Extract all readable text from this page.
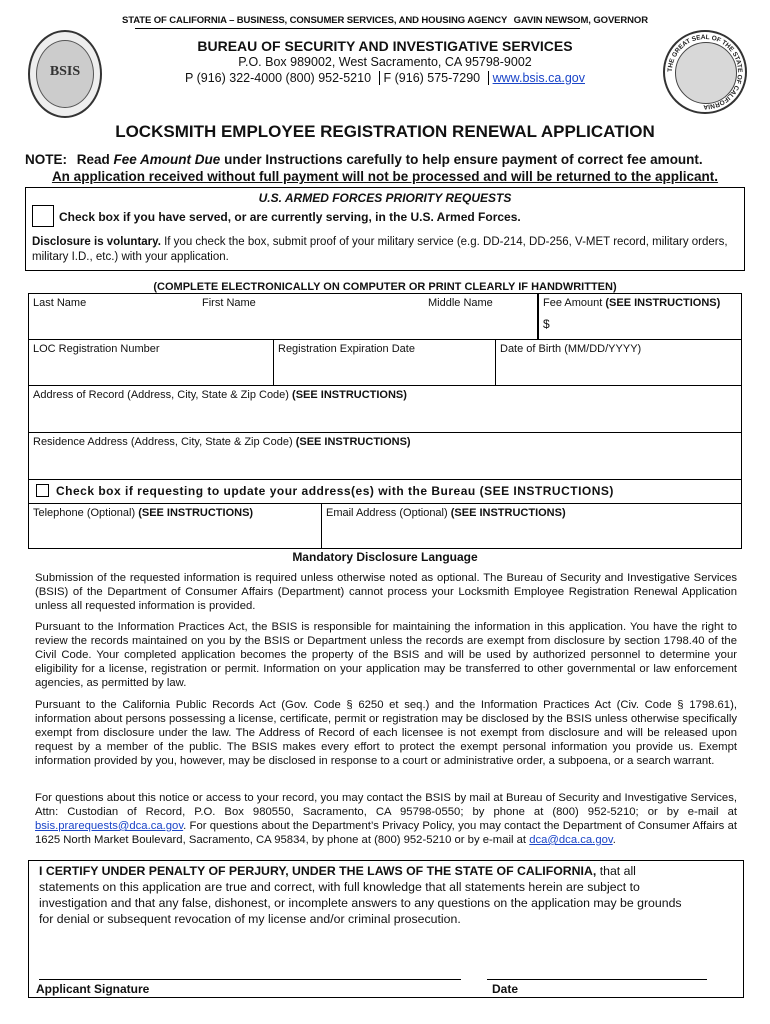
STATE OF CALIFORNIA – BUSINESS, CONSUMER SERVICES, AND HOUSING AGENCY GAVIN NEWSOM, GOVERNOR
BSIS
BUREAU OF SECURITY AND INVESTIGATIVE SERVICES
P.O. Box 989002, West Sacramento, CA 95798-9002
P (916) 322-4000 (800) 952-5210 F (916) 575-7290 www.bsis.ca.gov
THE GREAT SEAL OF THE STATE OF CALIFORNIA
LOCKSMITH EMPLOYEE REGISTRATION RENEWAL APPLICATION
NOTE: Read Fee Amount Due under Instructions carefully to help ensure payment of correct fee amount.
An application received without full payment will not be processed and will be returned to the applicant.
U.S. ARMED FORCES PRIORITY REQUESTS
Check box if you have served, or are currently serving, in the U.S. Armed Forces.
Disclosure is voluntary. If you check the box, submit proof of your military service (e.g. DD-214, DD-256, V-MET record, military orders, military I.D., etc.) with your application.
(COMPLETE ELECTRONICALLY ON COMPUTER OR PRINT CLEARLY IF HANDWRITTEN)
Last Name	First Name	Middle Name	Fee Amount (SEE INSTRUCTIONS)
$
LOC Registration Number	Registration Expiration Date	Date of Birth (MM/DD/YYYY)
Address of Record (Address, City, State & Zip Code) (SEE INSTRUCTIONS)
Residence Address (Address, City, State & Zip Code) (SEE INSTRUCTIONS)
Check box if requesting to update your address(es) with the Bureau (SEE INSTRUCTIONS)
Telephone (Optional) (SEE INSTRUCTIONS)	Email Address (Optional) (SEE INSTRUCTIONS)
Mandatory Disclosure Language
Submission of the requested information is required unless otherwise noted as optional. The Bureau of Security and Investigative Services (BSIS) of the Department of Consumer Affairs (Department) cannot process your Locksmith Employee Registration Renewal Application unless all requested information is provided.
Pursuant to the Information Practices Act, the BSIS is responsible for maintaining the information in this application. You have the right to review the records maintained on you by the BSIS or Department unless the records are exempt from disclosure by section 1798.40 of the Civil Code. Your completed application becomes the property of the BSIS and will be used by authorized personnel to determine your eligibility for a license, registration or permit. Information on your application may be transferred to other governmental or law enforcement agencies, as permitted by law.
Pursuant to the California Public Records Act (Gov. Code § 6250 et seq.) and the Information Practices Act (Civ. Code § 1798.61), information about persons possessing a license, certificate, permit or registration may be disclosed by the BSIS unless otherwise specifically exempt from disclosure under the law. The Address of Record of each licensee is not exempt from disclosure and will be released upon request by a member of the public. The BSIS makes every effort to protect the exempt personal information you provide us. Exempt information provided by you, however, may be disclosed in response to a court or administrative order, a subpoena, or a search warrant.
For questions about this notice or access to your record, you may contact the BSIS by mail at Bureau of Security and Investigative Services, Attn: Custodian of Record, P.O. Box 980550, Sacramento, CA 95798-0550; by phone at (800) 952-5210; or by e-mail at bsis.prarequests@dca.ca.gov. For questions about the Department’s Privacy Policy, you may contact the Department of Consumer Affairs at 1625 North Market Boulevard, Sacramento, CA 95834, by phone at (800) 952-5210 or by e-mail at dca@dca.ca.gov.
I CERTIFY UNDER PENALTY OF PERJURY, UNDER THE LAWS OF THE STATE OF CALIFORNIA, that all statements on this application are true and correct, with full knowledge that all statements herein are subject to investigation and that any false, dishonest, or incomplete answers to any questions on the application may be grounds for denial or subsequent revocation of my license and/or criminal prosecution.
Applicant Signature	Date
